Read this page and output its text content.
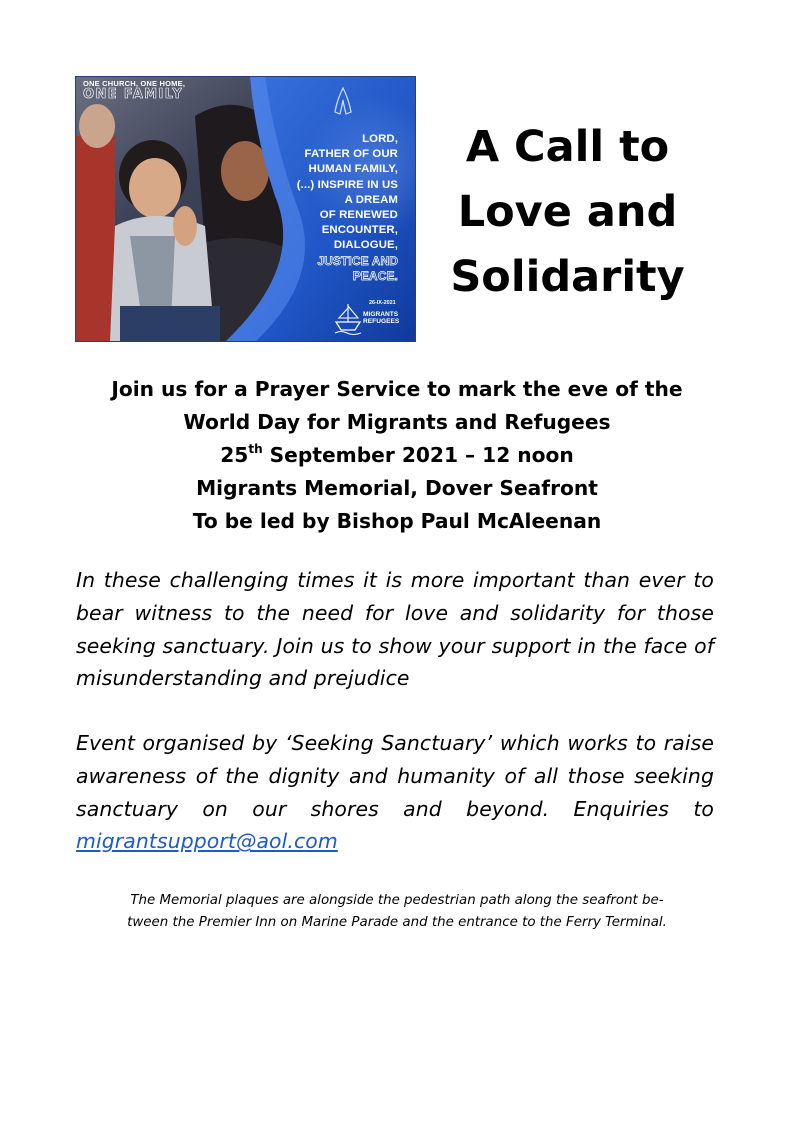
ONE CHURCH, ONE HOME,
ONE FAMILY
LORD,
FATHER OF OUR
HUMAN FAMILY,
(...) INSPIRE IN US
A DREAM
OF RENEWED
ENCOUNTER,
DIALOGUE,
JUSTICE AND
PEACE.
26-IX-2021
MIGRANTS
REFUGEES
A Call to
Love and
Solidarity
Join us for a Prayer Service to mark the eve of the
World Day for Migrants and Refugees
25th September 2021 – 12 noon
Migrants Memorial, Dover Seafront
To be led by Bishop Paul McAleenan

In these challenging times it is more important than ever to bear witness to the need for love and solidarity for those seeking sanctuary. Join us to show your support in the face of misunderstanding and prejudice

Event organised by ‘Seeking Sanctuary’ which works to raise awareness of the dignity and humanity of all those seeking sanctuary on our shores and beyond. Enquiries to migrantsupport@aol.com

The Memorial plaques are alongside the pedestrian path along the seafront be-
tween the Premier Inn on Marine Parade and the entrance to the Ferry Terminal.
